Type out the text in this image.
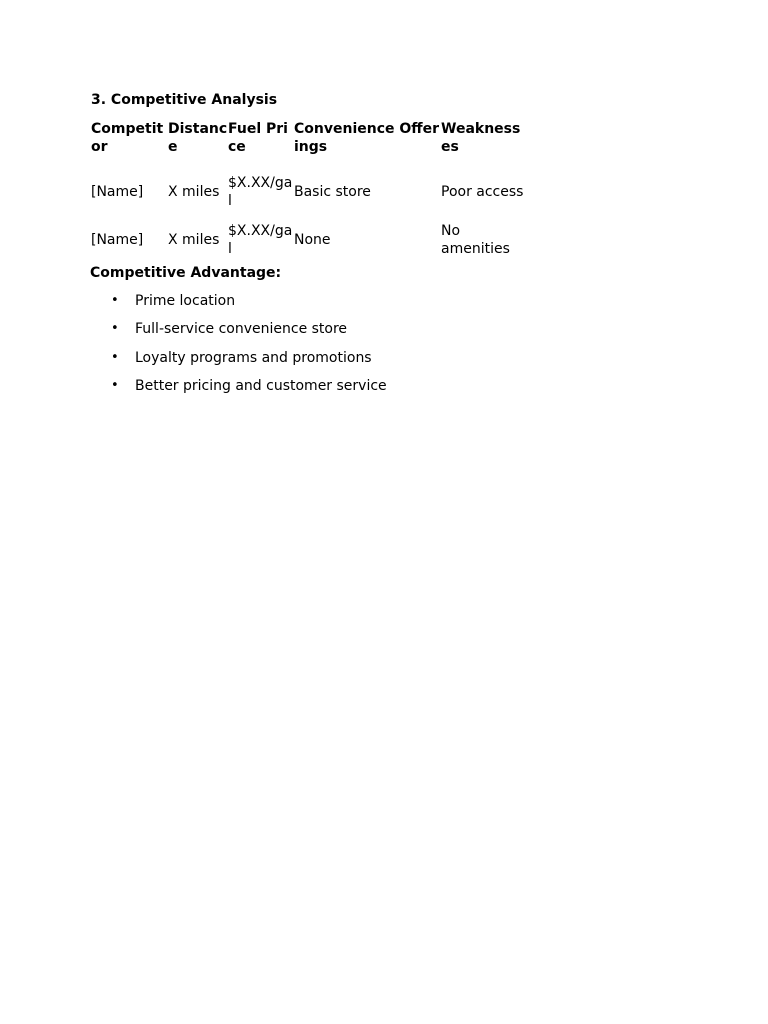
3. Competitive Analysis
Competitor	Distance	Fuel Price	Convenience Offerings	Weaknesses
[Name]	X miles	$X.XX/gal	Basic store	Poor access
[Name]	X miles	$X.XX/gal	None	No amenities
Competitive Advantage:
• Prime location
• Full-service convenience store
• Loyalty programs and promotions
• Better pricing and customer service
